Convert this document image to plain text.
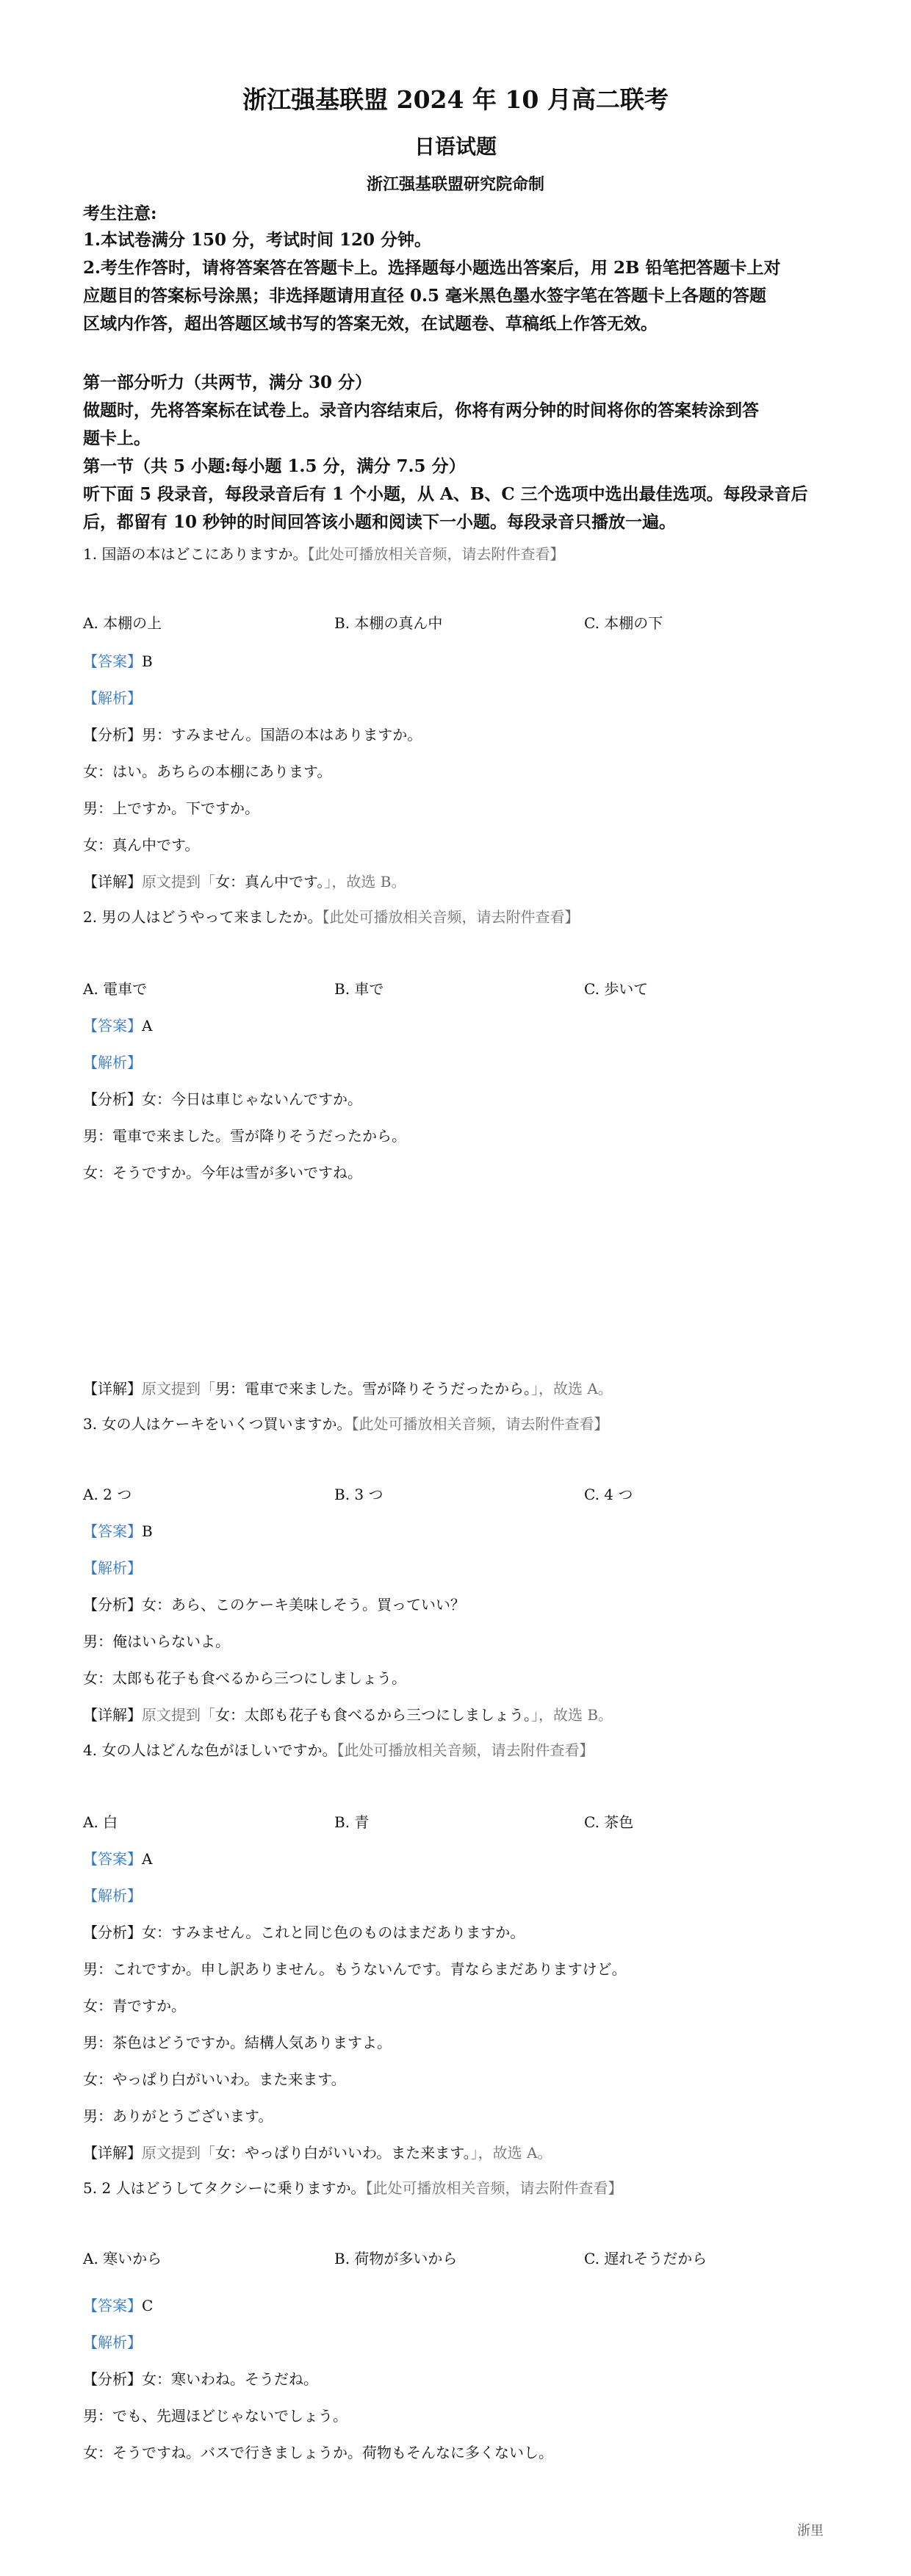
浙江强基联盟 2024 年 10 月高二联考
日语试题
浙江强基联盟研究院命制
考生注意:
1.本试卷满分 150 分，考试时间 120 分钟。
2.考生作答时，请将答案答在答题卡上。选择题每小题选出答案后，用 2B 铅笔把答题卡上对
应题目的答案标号涂黑；非选择题请用直径 0.5 毫米黑色墨水签字笔在答题卡上各题的答题
区域内作答，超出答题区域书写的答案无效，在试题卷、草稿纸上作答无效。
第一部分听力（共两节，满分 30 分）
做题时，先将答案标在试卷上。录音内容结束后，你将有两分钟的时间将你的答案转涂到答
题卡上。
第一节（共 5 小题:每小题 1.5 分，满分 7.5 分）
听下面 5 段录音，每段录音后有 1 个小题，从 A、B、C 三个选项中选出最佳选项。每段录音后
后，都留有 10 秒钟的时间回答该小题和阅读下一小题。每段录音只播放一遍。
1. 国語の本はどこにありますか。【此处可播放相关音频，请去附件查看】
A. 本棚の上	B. 本棚の真ん中	C. 本棚の下
【答案】B
【解析】
【分析】男：すみません。国語の本はありますか。
女：はい。あちらの本棚にあります。
男：上ですか。下ですか。
女：真ん中です。
【详解】原文提到「女：真ん中です。」，故选 B。
2. 男の人はどうやって来ましたか。【此处可播放相关音频，请去附件查看】
A. 電車で	B. 車で	C. 歩いて
【答案】A
【解析】
【分析】女：今日は車じゃないんですか。
男：電車で来ました。雪が降りそうだったから。
女：そうですか。今年は雪が多いですね。
【详解】原文提到「男：電車で来ました。雪が降りそうだったから。」，故选 A。
3. 女の人はケーキをいくつ買いますか。【此处可播放相关音频，请去附件查看】
A. 2 つ	B. 3 つ	C. 4 つ
【答案】B
【解析】
【分析】女：あら、このケーキ美味しそう。買っていい？
男：俺はいらないよ。
女：太郎も花子も食べるから三つにしましょう。
【详解】原文提到「女：太郎も花子も食べるから三つにしましょう。」，故选 B。
4. 女の人はどんな色がほしいですか。【此处可播放相关音频，请去附件查看】
A. 白	B. 青	C. 茶色
【答案】A
【解析】
【分析】女：すみません。これと同じ色のものはまだありますか。
男：これですか。申し訳ありません。もうないんです。青ならまだありますけど。
女：青ですか。
男：茶色はどうですか。結構人気ありますよ。
女：やっぱり白がいいわ。また来ます。
男：ありがとうございます。
【详解】原文提到「女：やっぱり白がいいわ。また来ます。」，故选 A。
5. 2 人はどうしてタクシーに乗りますか。【此处可播放相关音频，请去附件查看】
A. 寒いから	B. 荷物が多いから	C. 遅れそうだから
【答案】C
【解析】
【分析】女：寒いわね。そうだね。
男：でも、先週ほどじゃないでしょう。
女：そうですね。バスで行きましょうか。荷物もそんなに多くないし。
浙里
